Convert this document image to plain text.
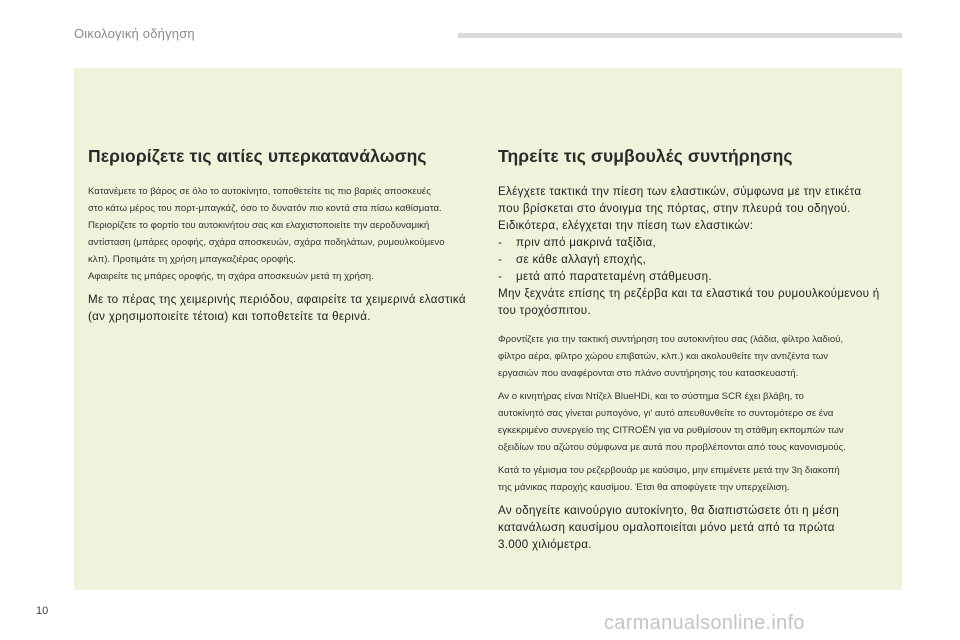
Οικολογική οδήγηση
Περιορίζετε τις αιτίες υπερκατανάλωσης

Κατανέμετε το βάρος σε όλο το αυτοκίνητο, τοποθετείτε τις πιο βαριές αποσκευές

στο κάτω μέρος του πορτ-μπαγκάζ, όσο το δυνατόν πιο κοντά στα πίσω καθίσματα.

Περιορίζετε το φορτίο του αυτοκινήτου σας και ελαχιστοποιείτε την αεροδυναμική

αντίσταση (μπάρες οροφής, σχάρα αποσκευών, σχάρα ποδηλάτων, ρυμουλκούμενο

κλπ). Προτιμάτε τη χρήση μπαγκαζιέρας οροφής.

Αφαιρείτε τις μπάρες οροφής, τη σχάρα αποσκευών μετά τη χρήση.

Με το πέρας της χειμερινής περιόδου, αφαιρείτε τα χειμερινά ελαστικά

(αν χρησιμοποιείτε τέτοια) και τοποθετείτε τα θερινά.

Τηρείτε τις συμβουλές συντήρησης

Ελέγχετε τακτικά την πίεση των ελαστικών, σύμφωνα με την ετικέτα

που βρίσκεται στο άνοιγμα της πόρτας, στην πλευρά του οδηγού.

Ειδικότερα, ελέγχεται την πίεση των ελαστικών:

- πριν από μακρινά ταξίδια,
- σε κάθε αλλαγή εποχής,
- μετά από παρατεταμένη στάθμευση.

Μην ξεχνάτε επίσης τη ρεζέρβα και τα ελαστικά του ρυμουλκούμενου ή

του τροχόσπιτου.

Φροντίζετε για την τακτική συντήρηση του αυτοκινήτου σας (λάδια, φίλτρο λαδιού,

φίλτρο αέρα, φίλτρο χώρου επιβατών, κλπ.) και ακολουθείτε την αντιζέντα των

εργασιών που αναφέρονται στο πλάνο συντήρησης του κατασκευαστή.

Αν ο κινητήρας είναι Ντίζελ BlueHDi, και το σύστημα SCR έχει βλάβη, το

αυτοκίνητό σας γίνεται ρυπογόνο, γι' αυτό απευθυνθείτε το συντομότερο σε ένα

εγκεκριμένο συνεργείο της CITROËN για να ρυθμίσουν τη στάθμη εκπομπών των

οξειδίων του αζώτου σύμφωνα με αυτά που προβλέπονται από τους κανονισμούς.

Κατά το γέμισμα του ρεζερβουάρ με καύσιμο, μην επιμένετε μετά την 3η διακοπή

της μάνικας παροχής καυσίμου. Έτσι θα αποφύγετε την υπερχείλιση.

Αν οδηγείτε καινούργιο αυτοκίνητο, θα διαπιστώσετε ότι η μέση

κατανάλωση καυσίμου ομαλοποιείται μόνο μετά από τα πρώτα

3.000 χιλιόμετρα.

10
carmanualsonline.info
